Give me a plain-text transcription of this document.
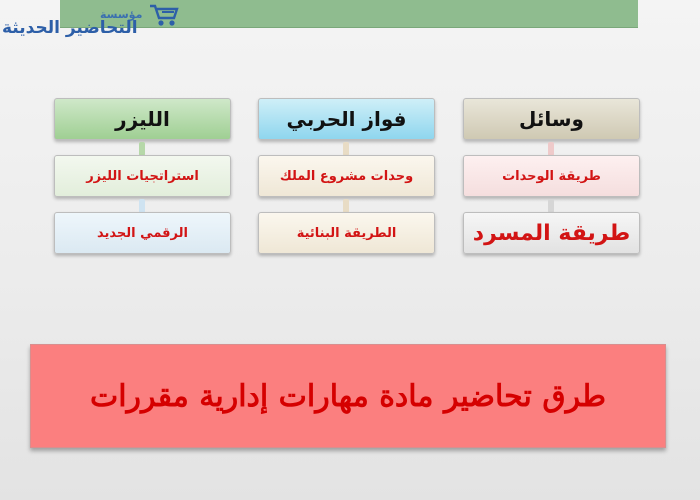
مؤسسة
التحاضير الحديثة
الليزر
استراتجيات الليزر
الرقمي الجديد
فواز الحربي
وحدات مشروع الملك
الطريقة البنائية
وسائل
طريقة الوحدات
طريقة المسرد
طرق تحاضير مادة مهارات إدارية مقررات
